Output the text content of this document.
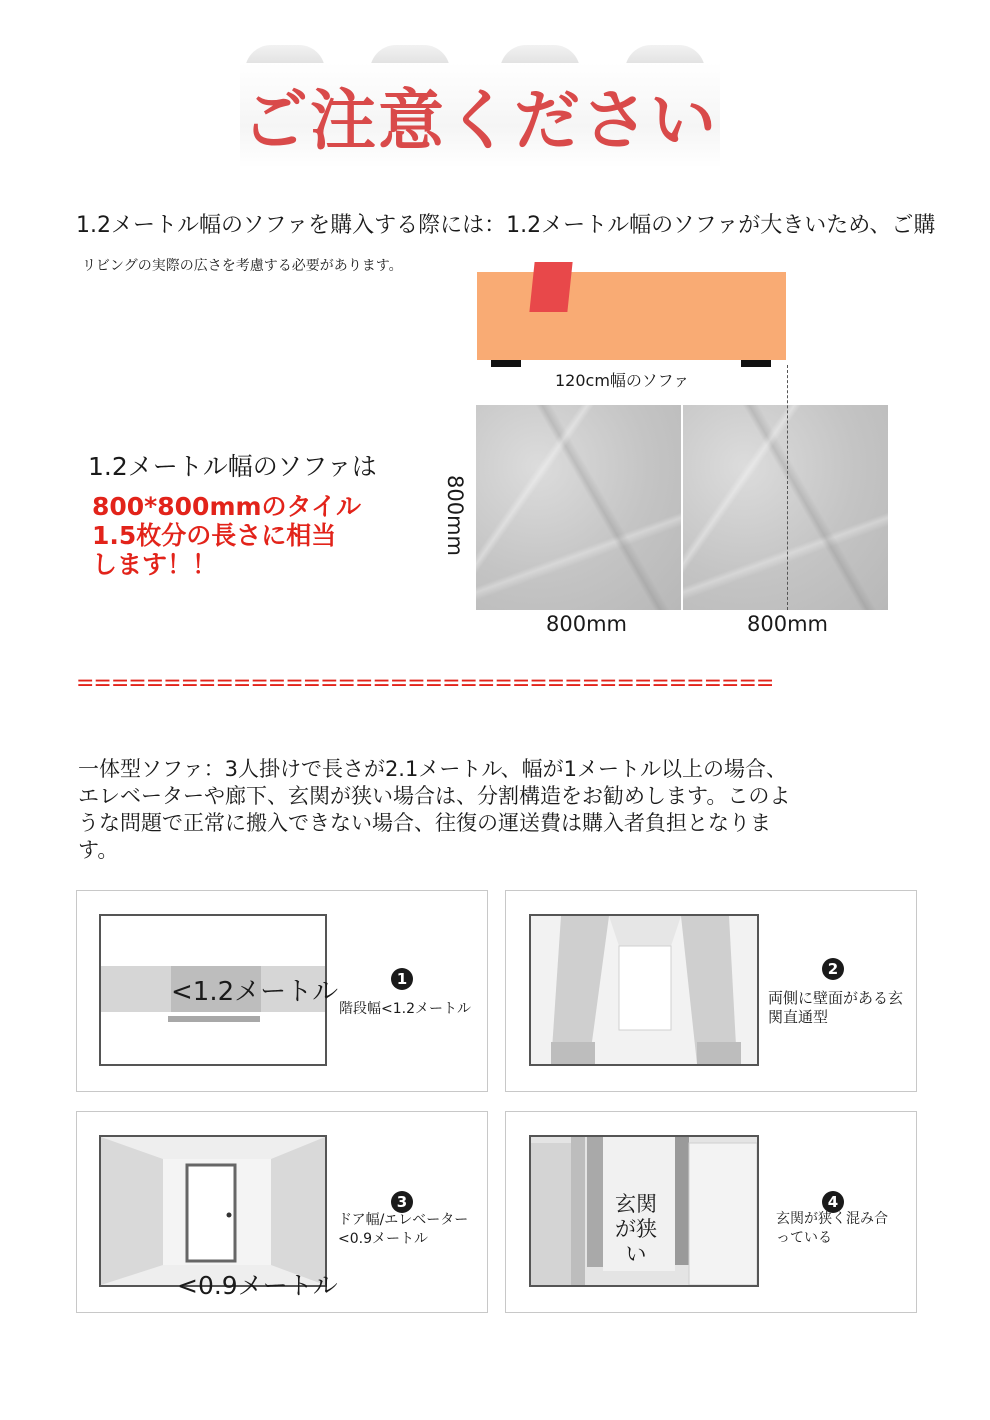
ご注意ください
1.2メートル幅のソファを購入する際には：1.2メートル幅のソファが大きいため、ご購
リビングの実際の広さを考慮する必要があります。
120cm幅のソファ
800mm
800mm	800mm
1.2メートル幅のソファは
800*800mmのタイル
1.5枚分の長さに相当
します！！
========================================
一体型ソファ：3人掛けで長さが2.1メートル、幅が1メートル以上の場合、エレベーターや廊下、玄関が狭い場合は、分割構造をお勧めします。このような問題で正常に搬入できない場合、往復の運送費は購入者負担となります。
<1.2メートル	1
階段幅<1.2メートル
2
両側に壁面がある玄関直通型
<0.9メートル
3
ドア幅/エレベーター<0.9メートル
玄関が狭い
4
玄関が狭く混み合っている
